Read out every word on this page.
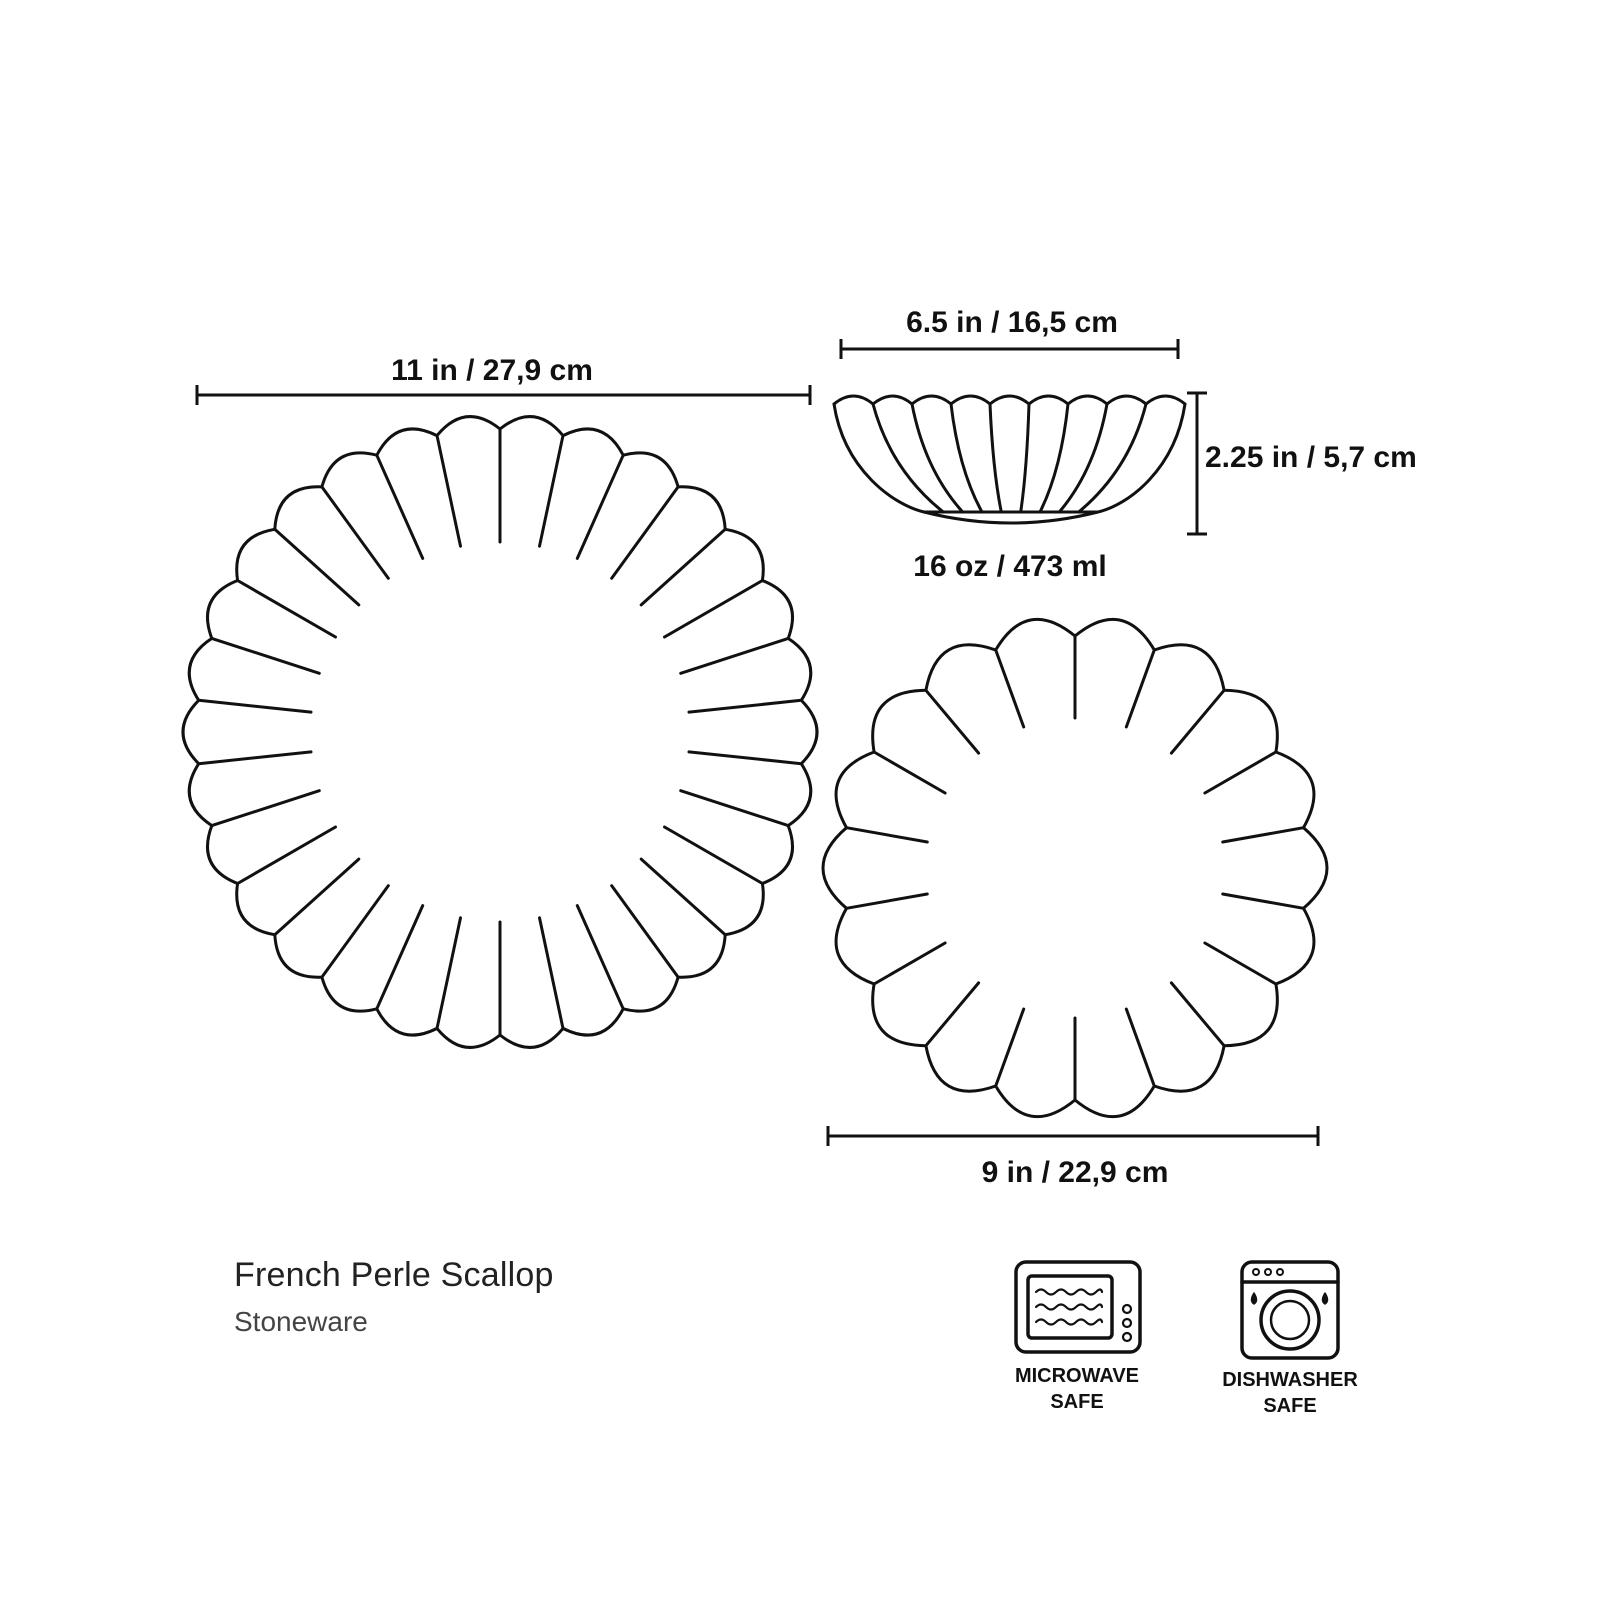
11 in / 27,9 cm
6.5 in / 16,5 cm
2.25 in / 5,7 cm
16 oz / 473 ml
9 in / 22,9 cm
MICROWAVE
SAFE
DISHWASHER
SAFE
French Perle Scallop
Stoneware
